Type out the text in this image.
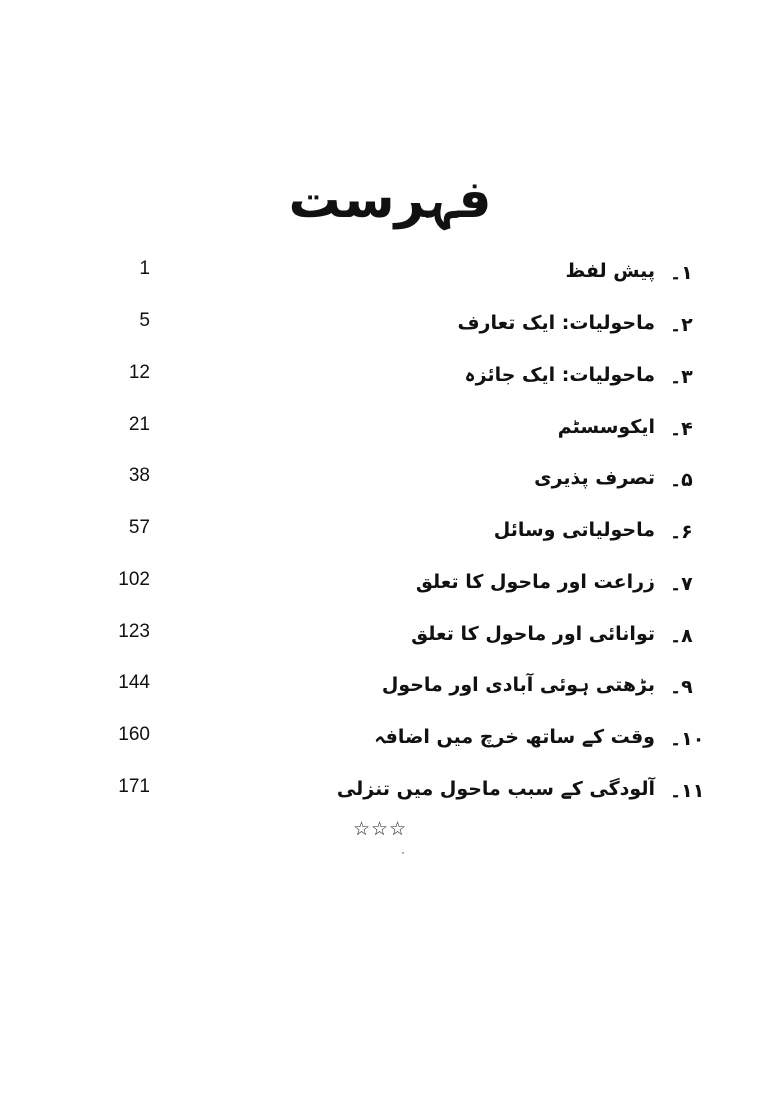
فہرست
۱۔
پیش لفظ
1
۲۔
ماحولیات: ایک تعارف
5
۳۔
ماحولیات: ایک جائزہ
12
۴۔
ایکوسسٹم
21
۵۔
تصرف پذیری
38
۶۔
ماحولیاتی وسائل
57
۷۔
زراعت اور ماحول کا تعلق
102
۸۔
توانائی اور ماحول کا تعلق
123
۹۔
بڑھتی ہوئی آبادی اور ماحول
144
۱۰۔
وقت کے ساتھ خرچ میں اضافہ
160
۱۱۔
آلودگی کے سبب ماحول میں تنزلی
171
☆☆☆
